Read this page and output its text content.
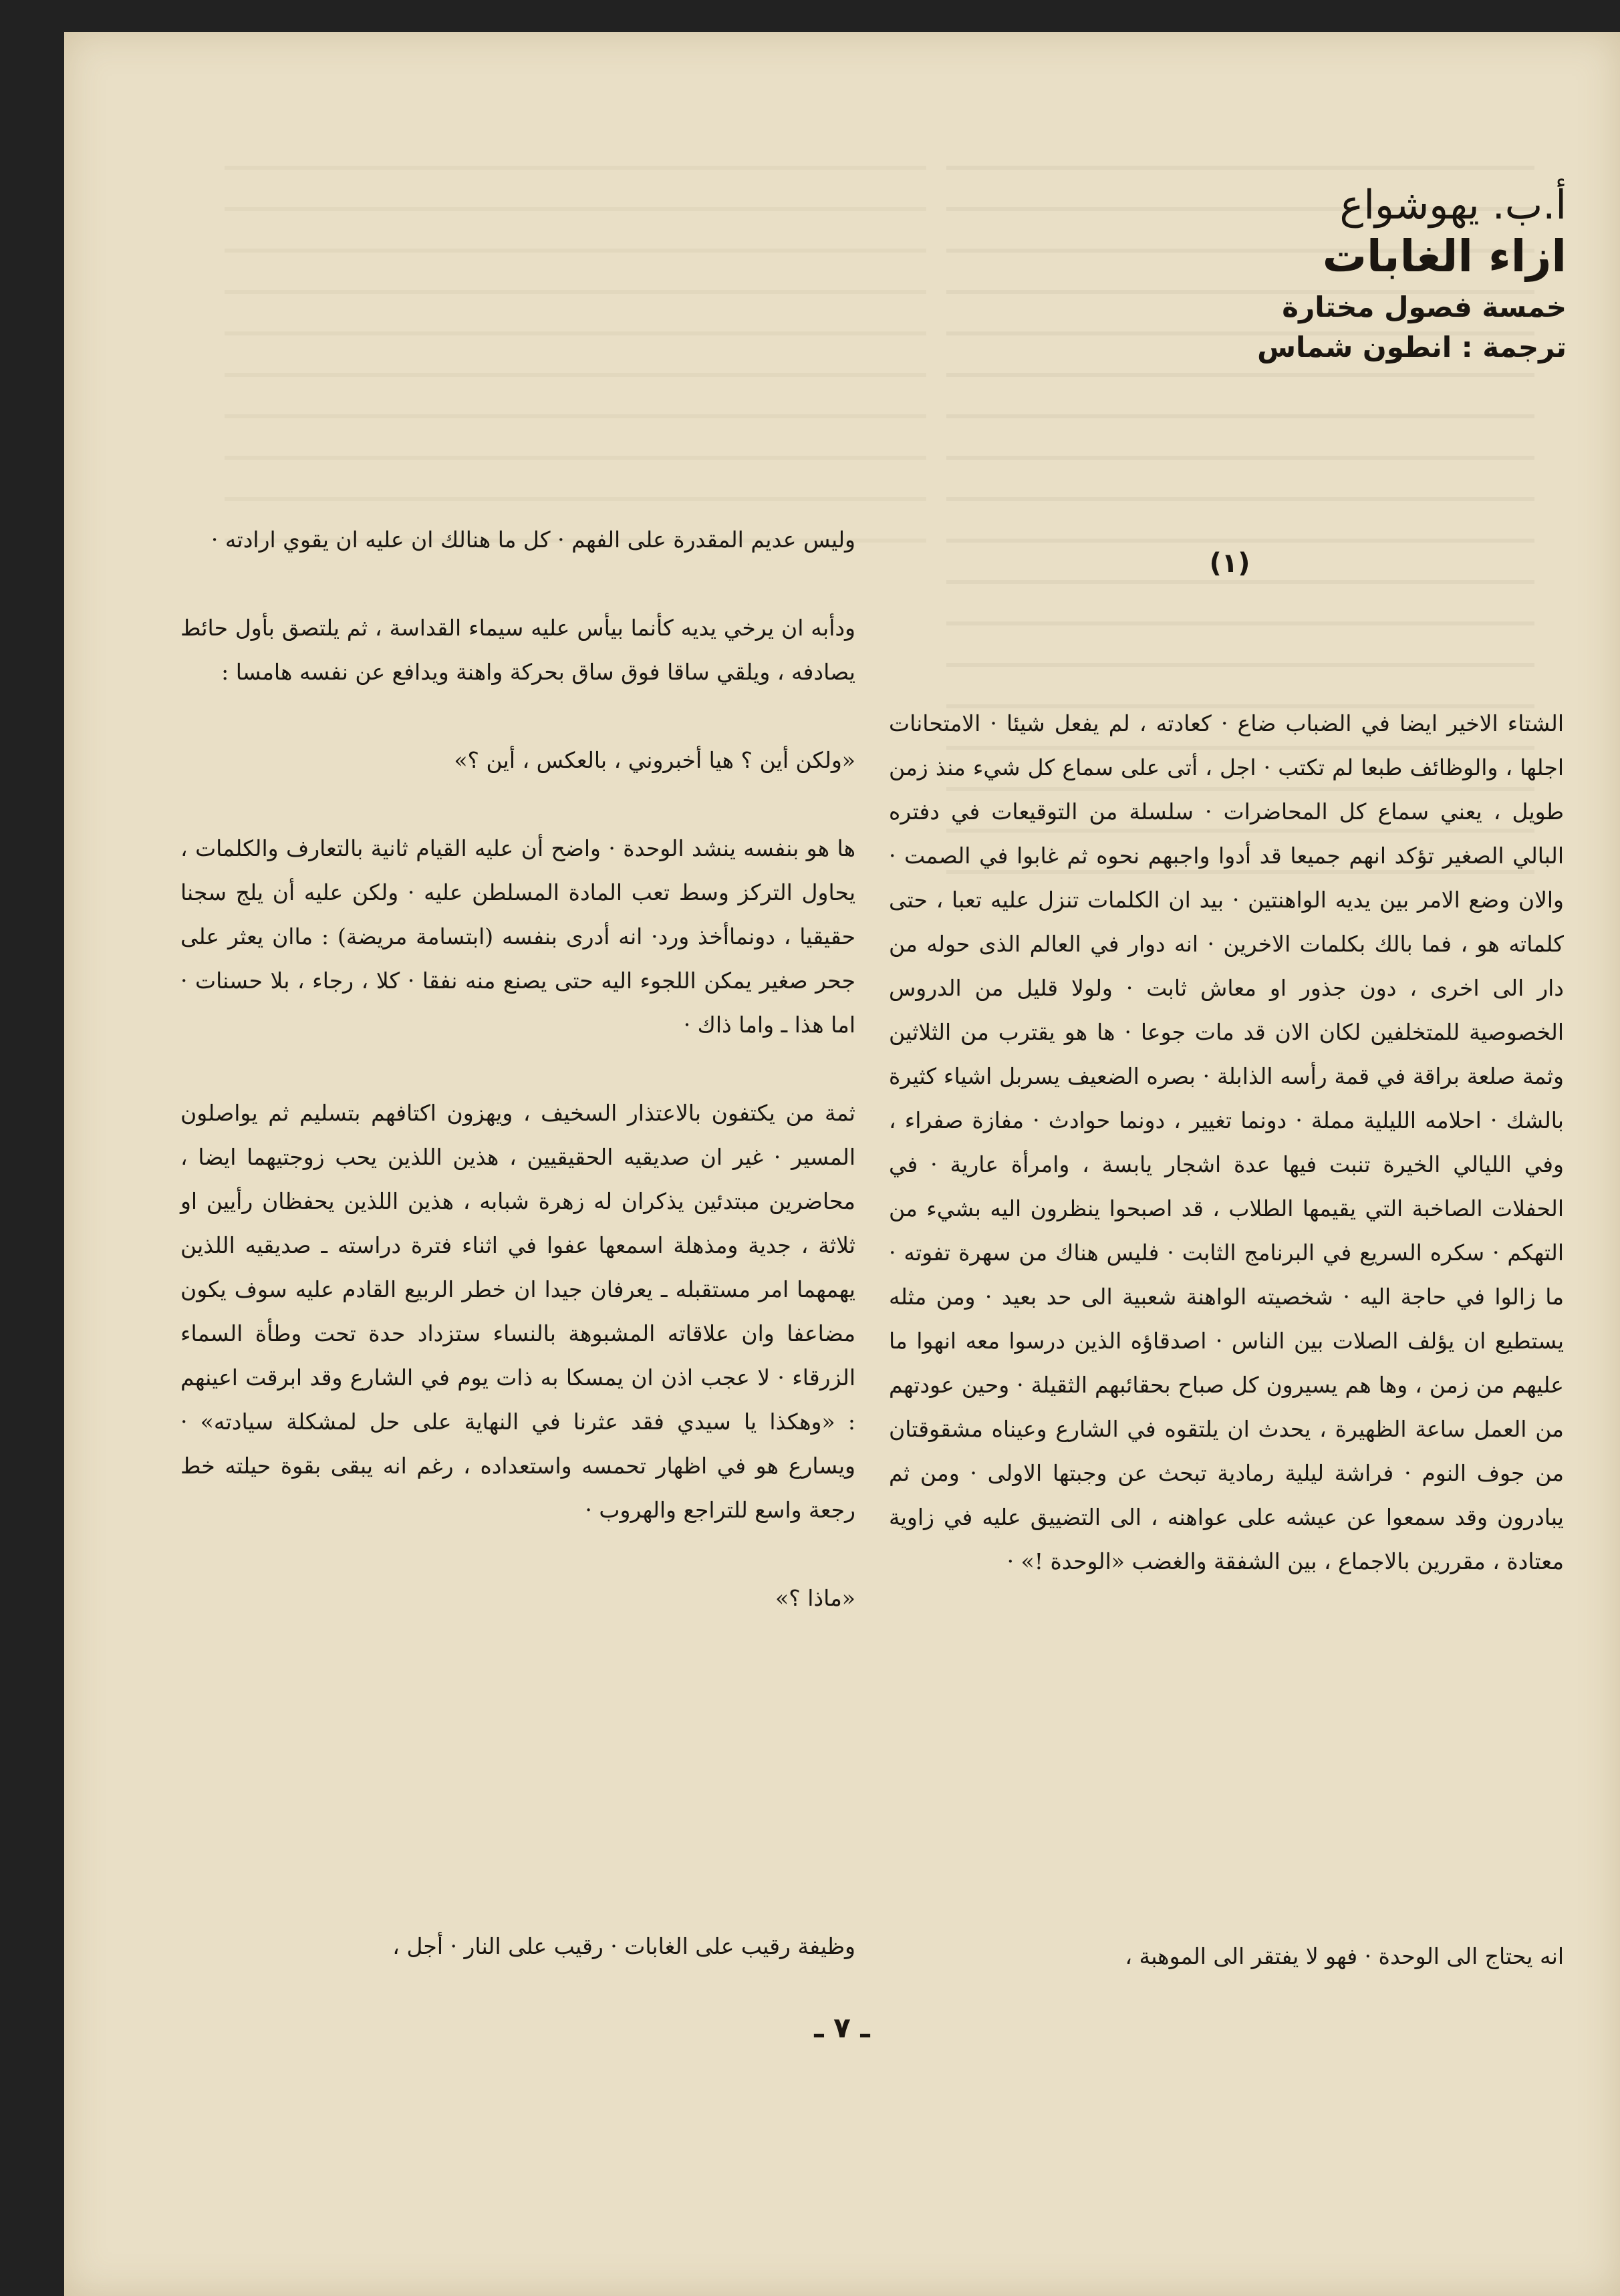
أ.ب. يهوشواع
ازاء الغابات
خمسة فصول مختارة
ترجمة : انطون شماس
(١)

الشتاء الاخير ايضا في الضباب ضاع · كعادته ، لم يفعل شيئا · الامتحانات اجلها ، والوظائف طبعا لم تكتب · اجل ، أتى على سماع كل شيء منذ زمن طويل ، يعني سماع كل المحاضرات · سلسلة من التوقيعات في دفتره البالي الصغير تؤكد انهم جميعا قد أدوا واجبهم نحوه ثم غابوا في الصمت · والان وضع الامر بين يديه الواهنتين · بيد ان الكلمات تنزل عليه تعبا ، حتى كلماته هو ، فما بالك بكلمات الاخرين · انه دوار في العالم الذى حوله من دار الى اخرى ، دون جذور او معاش ثابت · ولولا قليل من الدروس الخصوصية للمتخلفين لكان الان قد مات جوعا · ها هو يقترب من الثلاثين وثمة صلعة براقة في قمة رأسه الذابلة · بصره الضعيف يسربل اشياء كثيرة بالشك · احلامه الليلية مملة · دونما تغيير ، دونما حوادث · مفازة صفراء ، وفي الليالي الخيرة تنبت فيها عدة اشجار يابسة ، وامرأة عارية · في الحفلات الصاخبة التي يقيمها الطلاب ، قد اصبحوا ينظرون اليه بشيء من التهكم · سكره السريع في البرنامج الثابت · فليس هناك من سهرة تفوته · ما زالوا في حاجة اليه · شخصيته الواهنة شعبية الى حد بعيد · ومن مثله يستطيع ان يؤلف الصلات بين الناس · اصدقاؤه الذين درسوا معه انهوا ما عليهم من زمن ، وها هم يسيرون كل صباح بحقائبهم الثقيلة · وحين عودتهم من العمل ساعة الظهيرة ، يحدث ان يلتقوه في الشارع وعيناه مشقوقتان من جوف النوم · فراشة ليلية رمادية تبحث عن وجبتها الاولى · ومن ثم يبادرون وقد سمعوا عن عيشه على عواهنه ، الى التضييق عليه في زاوية معتادة ، مقررين بالاجماع ، بين الشفقة والغضب «الوحدة !» ·

انه يحتاج الى الوحدة · فهو لا يفتقر الى الموهبة ،

وليس عديم المقدرة على الفهم · كل ما هنالك ان عليه ان يقوي ارادته ·

ودأبه ان يرخي يديه كأنما بيأس عليه سيماء القداسة ، ثم يلتصق بأول حائط يصادفه ، ويلقي ساقا فوق ساق بحركة واهنة ويدافع عن نفسه هامسا :

«ولكن أين ؟ هيا أخبروني ، بالعكس ، أين ؟»

ها هو بنفسه ينشد الوحدة · واضح أن عليه القيام ثانية بالتعارف والكلمات ، يحاول التركز وسط تعب المادة المسلطن عليه · ولكن عليه أن يلج سجنا حقيقيا ، دونماأخذ ورد· انه أدرى بنفسه (ابتسامة مريضة) : ماان يعثر على جحر صغير يمكن اللجوء اليه حتى يصنع منه نفقا · كلا ، رجاء ، بلا حسنات · اما هذا ـ واما ذاك ·

ثمة من يكتفون بالاعتذار السخيف ، ويهزون اكتافهم بتسليم ثم يواصلون المسير · غير ان صديقيه الحقيقيين ، هذين اللذين يحب زوجتيهما ايضا ، محاضرين مبتدئين يذكران له زهرة شبابه ، هذين اللذين يحفظان رأيين او ثلاثة ، جدية ومذهلة اسمعها عفوا في اثناء فترة دراسته ـ صديقيه اللذين يهمهما امر مستقبله ـ يعرفان جيدا ان خطر الربيع القادم عليه سوف يكون مضاعفا وان علاقاته المشبوهة بالنساء ستزداد حدة تحت وطأة السماء الزرقاء · لا عجب اذن ان يمسكا به ذات يوم في الشارع وقد ابرقت اعينهم : «وهكذا يا سيدي فقد عثرنا في النهاية على حل لمشكلة سيادته» · ويسارع هو في اظهار تحمسه واستعداده ، رغم انه يبقى بقوة حيلته خط رجعة واسع للتراجع والهروب ·

«ماذا ؟»

وظيفة رقيب على الغابات · رقيب على النار · أجل ،
ـ ٧ ـ
